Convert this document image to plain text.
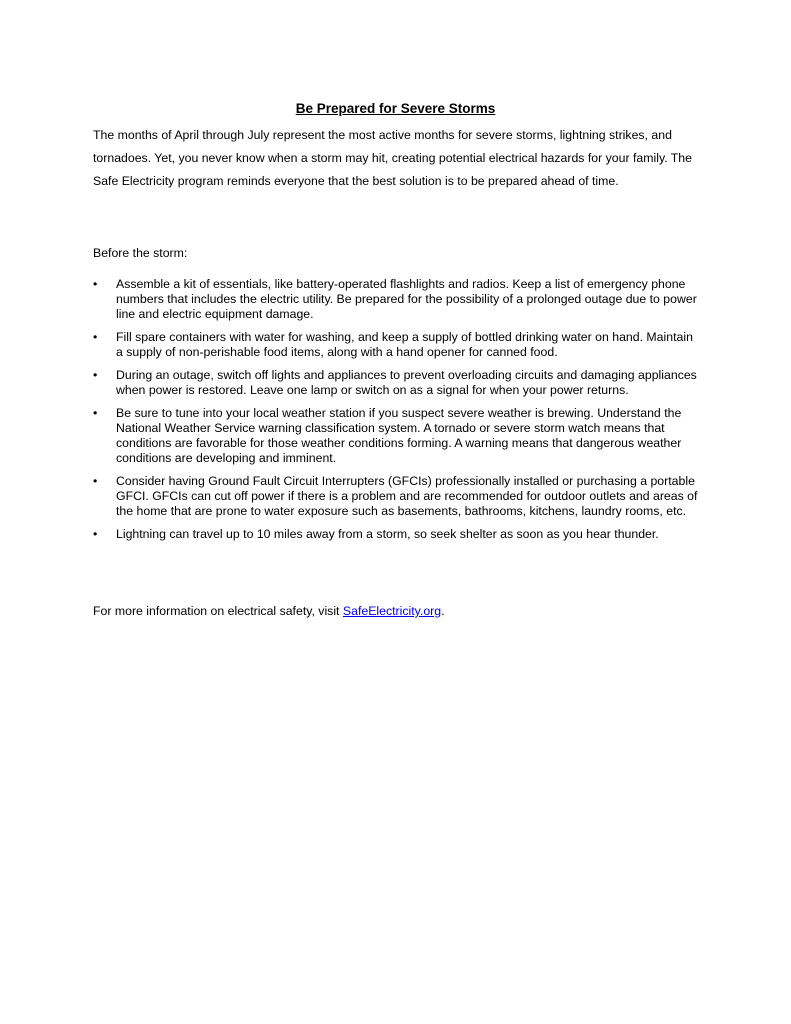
Be Prepared for Severe Storms

The months of April through July represent the most active months for severe storms, lightning strikes, and tornadoes. Yet, you never know when a storm may hit, creating potential electrical hazards for your family. The Safe Electricity program reminds everyone that the best solution is to be prepared ahead of time.

Before the storm:

•	Assemble a kit of essentials, like battery-operated flashlights and radios. Keep a list of emergency phone numbers that includes the electric utility. Be prepared for the possibility of a prolonged outage due to power line and electric equipment damage.
•	Fill spare containers with water for washing, and keep a supply of bottled drinking water on hand. Maintain a supply of non-perishable food items, along with a hand opener for canned food.
•	During an outage, switch off lights and appliances to prevent overloading circuits and damaging appliances when power is restored. Leave one lamp or switch on as a signal for when your power returns.
•	Be sure to tune into your local weather station if you suspect severe weather is brewing. Understand the National Weather Service warning classification system. A tornado or severe storm watch means that conditions are favorable for those weather conditions forming. A warning means that dangerous weather conditions are developing and imminent.
•	Consider having Ground Fault Circuit Interrupters (GFCIs) professionally installed or purchasing a portable GFCI. GFCIs can cut off power if there is a problem and are recommended for outdoor outlets and areas of the home that are prone to water exposure such as basements, bathrooms, kitchens, laundry rooms, etc.
•	Lightning can travel up to 10 miles away from a storm, so seek shelter as soon as you hear thunder.

For more information on electrical safety, visit SafeElectricity.org.
